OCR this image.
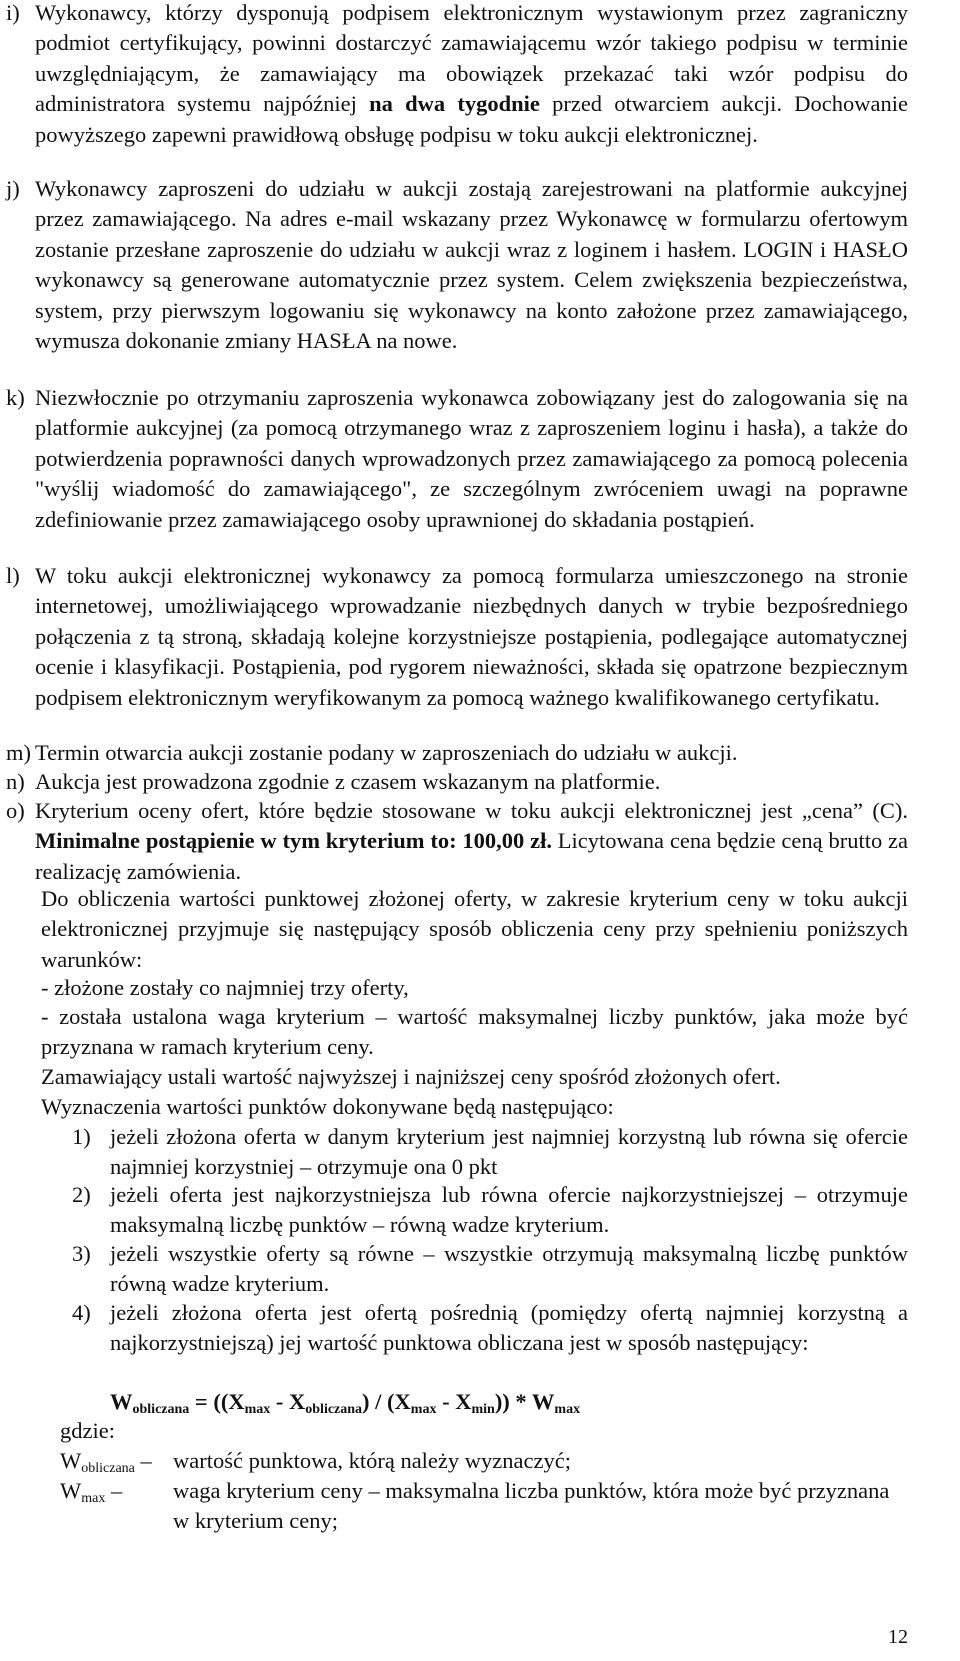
i) Wykonawcy, którzy dysponują podpisem elektronicznym wystawionym przez zagraniczny podmiot certyfikujący, powinni dostarczyć zamawiającemu wzór takiego podpisu w terminie uwzględniającym, że zamawiający ma obowiązek przekazać taki wzór podpisu do administratora systemu najpóźniej na dwa tygodnie przed otwarciem aukcji. Dochowanie powyższego zapewni prawidłową obsługę podpisu w toku aukcji elektronicznej.
j) Wykonawcy zaproszeni do udziału w aukcji zostają zarejestrowani na platformie aukcyjnej przez zamawiającego. Na adres e-mail wskazany przez Wykonawcę w formularzu ofertowym zostanie przesłane zaproszenie do udziału w aukcji wraz z loginem i hasłem. LOGIN i HASŁO wykonawcy są generowane automatycznie przez system. Celem zwiększenia bezpieczeństwa, system, przy pierwszym logowaniu się wykonawcy na konto założone przez zamawiającego, wymusza dokonanie zmiany HASŁA na nowe.
k) Niezwłocznie po otrzymaniu zaproszenia wykonawca zobowiązany jest do zalogowania się na platformie aukcyjnej (za pomocą otrzymanego wraz z zaproszeniem loginu i hasła), a także do potwierdzenia poprawności danych wprowadzonych przez zamawiającego za pomocą polecenia "wyślij wiadomość do zamawiającego", ze szczególnym zwróceniem uwagi na poprawne zdefiniowanie przez zamawiającego osoby uprawnionej do składania postąpień.
l) W toku aukcji elektronicznej wykonawcy za pomocą formularza umieszczonego na stronie internetowej, umożliwiającego wprowadzanie niezbędnych danych w trybie bezpośredniego połączenia z tą stroną, składają kolejne korzystniejsze postąpienia, podlegające automatycznej ocenie i klasyfikacji. Postąpienia, pod rygorem nieważności, składa się opatrzone bezpiecznym podpisem elektronicznym weryfikowanym za pomocą ważnego kwalifikowanego certyfikatu.
m) Termin otwarcia aukcji zostanie podany w zaproszeniach do udziału w aukcji.
n) Aukcja jest prowadzona zgodnie z czasem wskazanym na platformie.
o) Kryterium oceny ofert, które będzie stosowane w toku aukcji elektronicznej jest „cena” (C). Minimalne postąpienie w tym kryterium to: 100,00 zł. Licytowana cena będzie ceną brutto za realizację zamówienia.
Do obliczenia wartości punktowej złożonej oferty, w zakresie kryterium ceny w toku aukcji elektronicznej przyjmuje się następujący sposób obliczenia ceny przy spełnieniu poniższych warunków:
- złożone zostały co najmniej trzy oferty,
- została ustalona waga kryterium – wartość maksymalnej liczby punktów, jaka może być przyznana w ramach kryterium ceny.
Zamawiający ustali wartość najwyższej i najniższej ceny spośród złożonych ofert.
Wyznaczenia wartości punktów dokonywane będą następująco:
1) jeżeli złożona oferta w danym kryterium jest najmniej korzystną lub równa się ofercie najmniej korzystniej – otrzymuje ona 0 pkt
2) jeżeli oferta jest najkorzystniejsza lub równa ofercie najkorzystniejszej – otrzymuje maksymalną liczbę punktów – równą wadze kryterium.
3) jeżeli wszystkie oferty są równe – wszystkie otrzymują maksymalną liczbę punktów równą wadze kryterium.
4) jeżeli złożona oferta jest ofertą pośrednią (pomiędzy ofertą najmniej korzystną a najkorzystniejszą) jej wartość punktowa obliczana jest w sposób następujący:
$W_{obliczana} = ((X_{max} - X_{obliczana}) / (X_{max} - X_{min})) * W_{max}$
gdzie:
$W_{obliczana}$ – wartość punktowa, którą należy wyznaczyć;
$W_{max}$ – waga kryterium ceny – maksymalna liczba punktów, która może być przyznana w kryterium ceny;
12
